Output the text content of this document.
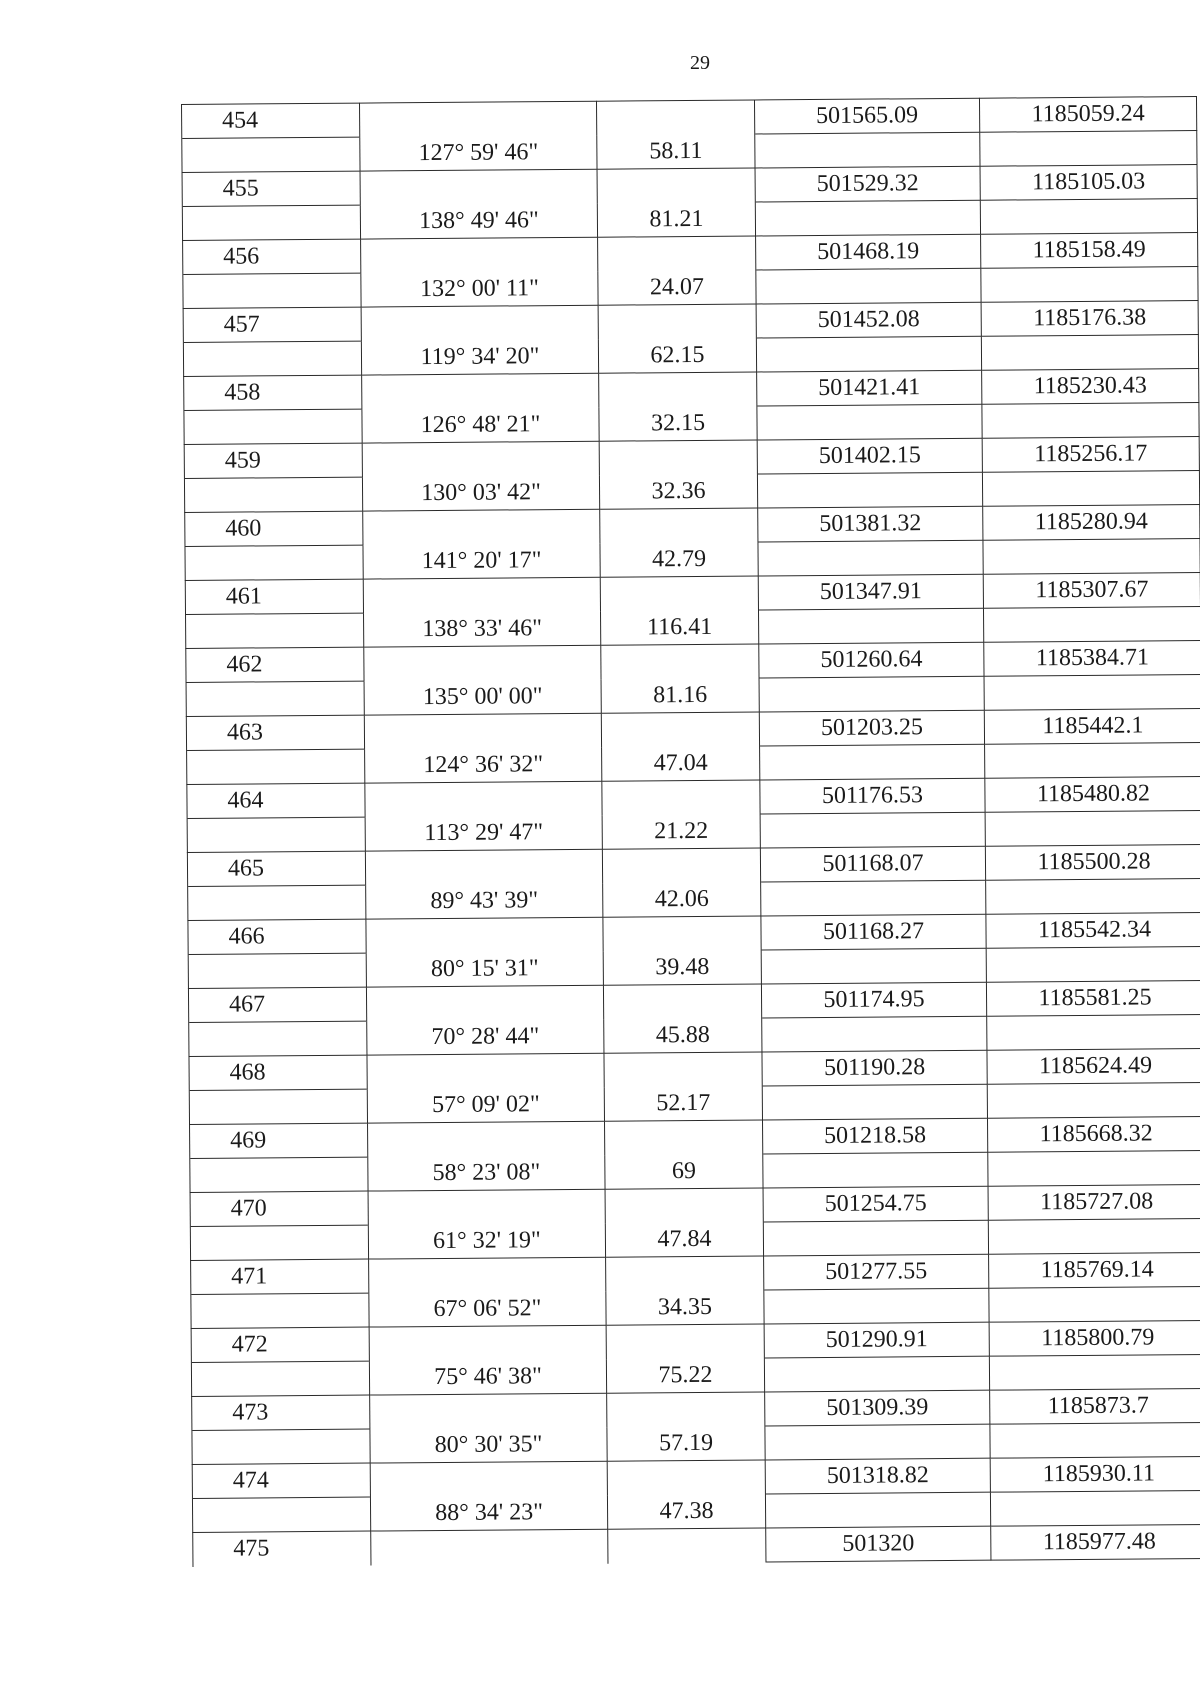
29
454			501565.09	1185059.24
	127° 59' 46"	58.11		
455			501529.32	1185105.03
	138° 49' 46"	81.21		
456			501468.19	1185158.49
	132° 00' 11"	24.07		
457			501452.08	1185176.38
	119° 34' 20"	62.15		
458			501421.41	1185230.43
	126° 48' 21"	32.15		
459			501402.15	1185256.17
	130° 03' 42"	32.36		
460			501381.32	1185280.94
	141° 20' 17"	42.79		
461			501347.91	1185307.67
	138° 33' 46"	116.41		
462			501260.64	1185384.71
	135° 00' 00"	81.16		
463			501203.25	1185442.1
	124° 36' 32"	47.04		
464			501176.53	1185480.82
	113° 29' 47"	21.22		
465			501168.07	1185500.28
	89° 43' 39"	42.06		
466			501168.27	1185542.34
	80° 15' 31"	39.48		
467			501174.95	1185581.25
	70° 28' 44"	45.88		
468			501190.28	1185624.49
	57° 09' 02"	52.17		
469			501218.58	1185668.32
	58° 23' 08"	69		
470			501254.75	1185727.08
	61° 32' 19"	47.84		
471			501277.55	1185769.14
	67° 06' 52"	34.35		
472			501290.91	1185800.79
	75° 46' 38"	75.22		
473			501309.39	1185873.7
	80° 30' 35"	57.19		
474			501318.82	1185930.11
	88° 34' 23"	47.38		
475			501320	1185977.48
